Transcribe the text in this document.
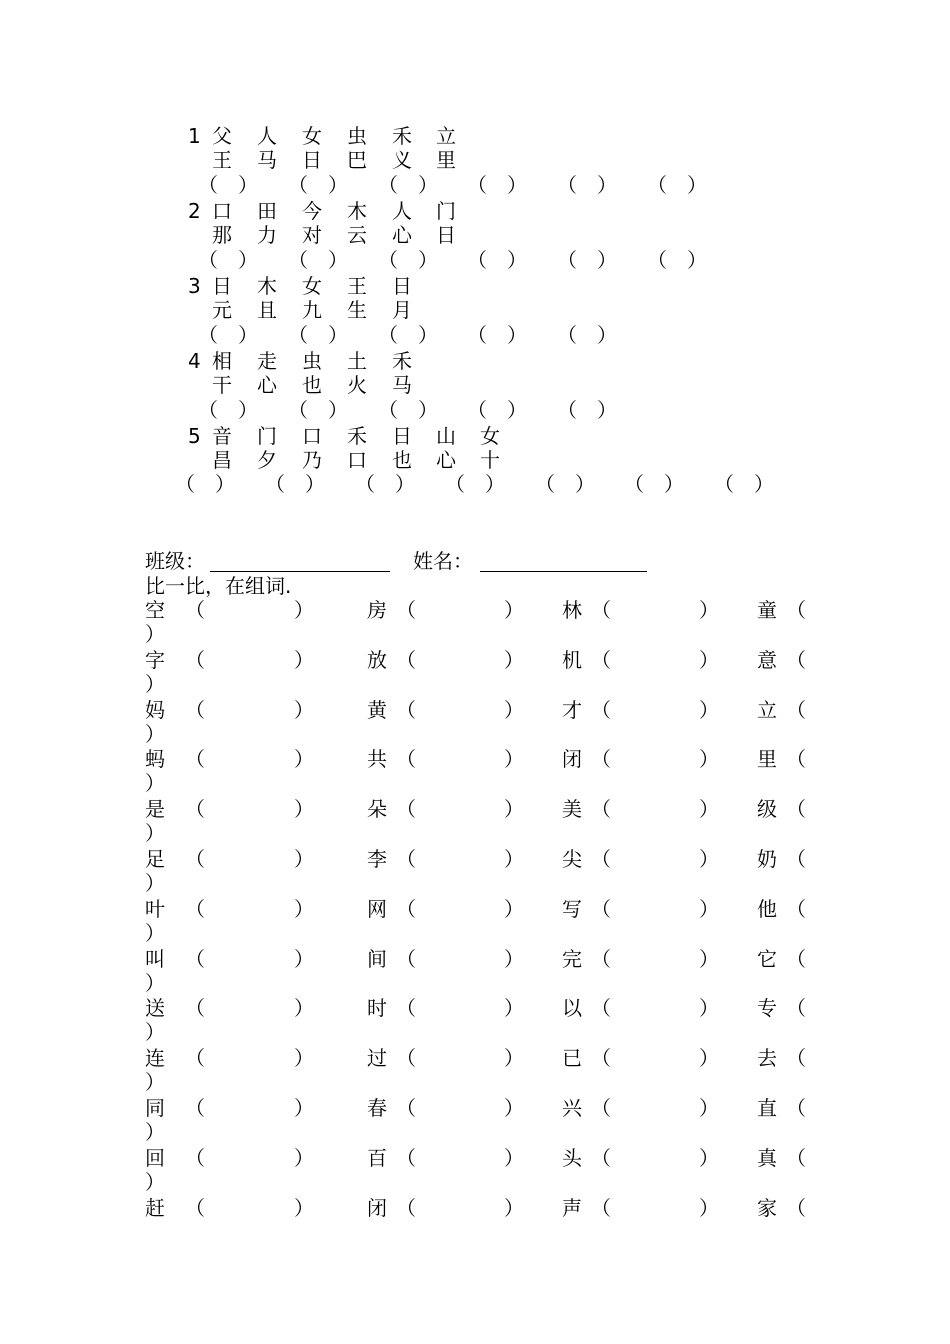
1 父 人 女 虫 禾 立
王 马 日 巴 义 里
（　） （　） （　） （　） （　） （　）
2 口 田 今 木 人 门
那 力 对 云 心 日
（　） （　） （　） （　） （　） （　）
3 日 木 女 王 日
元 且 九 生 月
（　） （　） （　） （　） （　）
4 相 走 虫 土 禾
干 心 也 火 马
（　） （　） （　） （　） （　）
5 音 门 口 禾 日 山 女
昌 夕 乃 口 也 心 十
（　） （　） （　） （　） （　） （　） （　）
班级：	姓名：
比一比，在组词.
空 （	）	房 （	） 林 （	） 童 （
）
字 （	）	放 （	） 机 （	） 意 （
）
妈 （	）	黄 （	） 才 （	） 立 （
）
蚂 （	）	共 （	） 闭 （	） 里 （
）
是 （	）	朵 （	） 美 （	） 级 （
）
足 （	）	李 （	） 尖 （	） 奶 （
）
叶 （	）	网 （	） 写 （	） 他 （
）
叫 （	）	间 （	） 完 （	） 它 （
）
送 （	）	时 （	） 以 （	） 专 （
）
连 （	）	过 （	） 已 （	） 去 （
）
同 （	）	春 （	） 兴 （	） 直 （
）
回 （	）	百 （	） 头 （	） 真 （
）
赶 （	）	闭 （	） 声 （	） 家 （
